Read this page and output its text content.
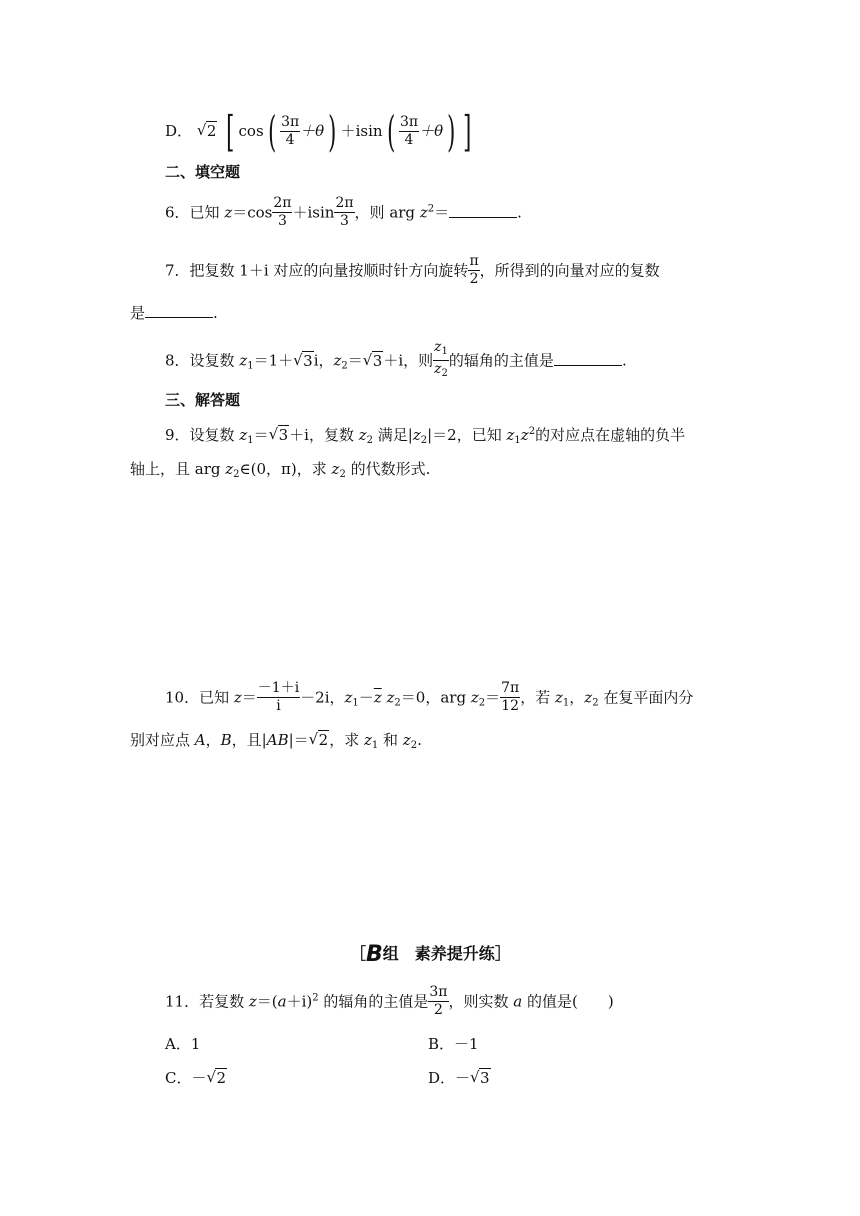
D． √ 2 [ $\cos( \frac{3\pi}{4} +\theta) +isin( \frac{3\pi}{4} +\theta)$ ]
二、填空题
6．已知 $z=\cos \frac{2\pi}{3} +isin \frac{2\pi}{3}$ ，则 arg $z^2=$	.
7．把复数 1＋i 对应的向量按顺时针方向旋转 $\frac{\pi}{2}$ ，所得到的向量对应的复数
是	.
8．设复数 $z_1=1+$ √ 3i，$z_2=$ √ 3＋i，则 $\frac{z_1}{z_2}$ 的辐角的主值是	.
三、解答题
9．设复数 $z_1=$ √ 3＋i，复数 $z_2$ 满足$|z_2|=2$，已知 $z_1z^2$的对应点在虚轴的负半
轴上，且 arg $z_2\in(0$，π)，求 $z_2$ 的代数形式.
10．已知 $z= \frac{-1+i}{i} -2i$，$z_1-\overline{z}$ $z_2=0$，arg $z_2= \frac{7\pi}{12}$ ，若 $z_1$，$z_2$ 在复平面内分
别对应点 A，B，且|AB|＝ √ 2，求 $z_1$ 和 $z_2$.
［B组　素养提升练］
11．若复数 $z=(a+i)^2$ 的辐角的主值是 $\frac{3\pi}{2}$ ，则实数 a 的值是(　　)
A．1	B．－1
C．－ √ 2	D．－ √ 3
